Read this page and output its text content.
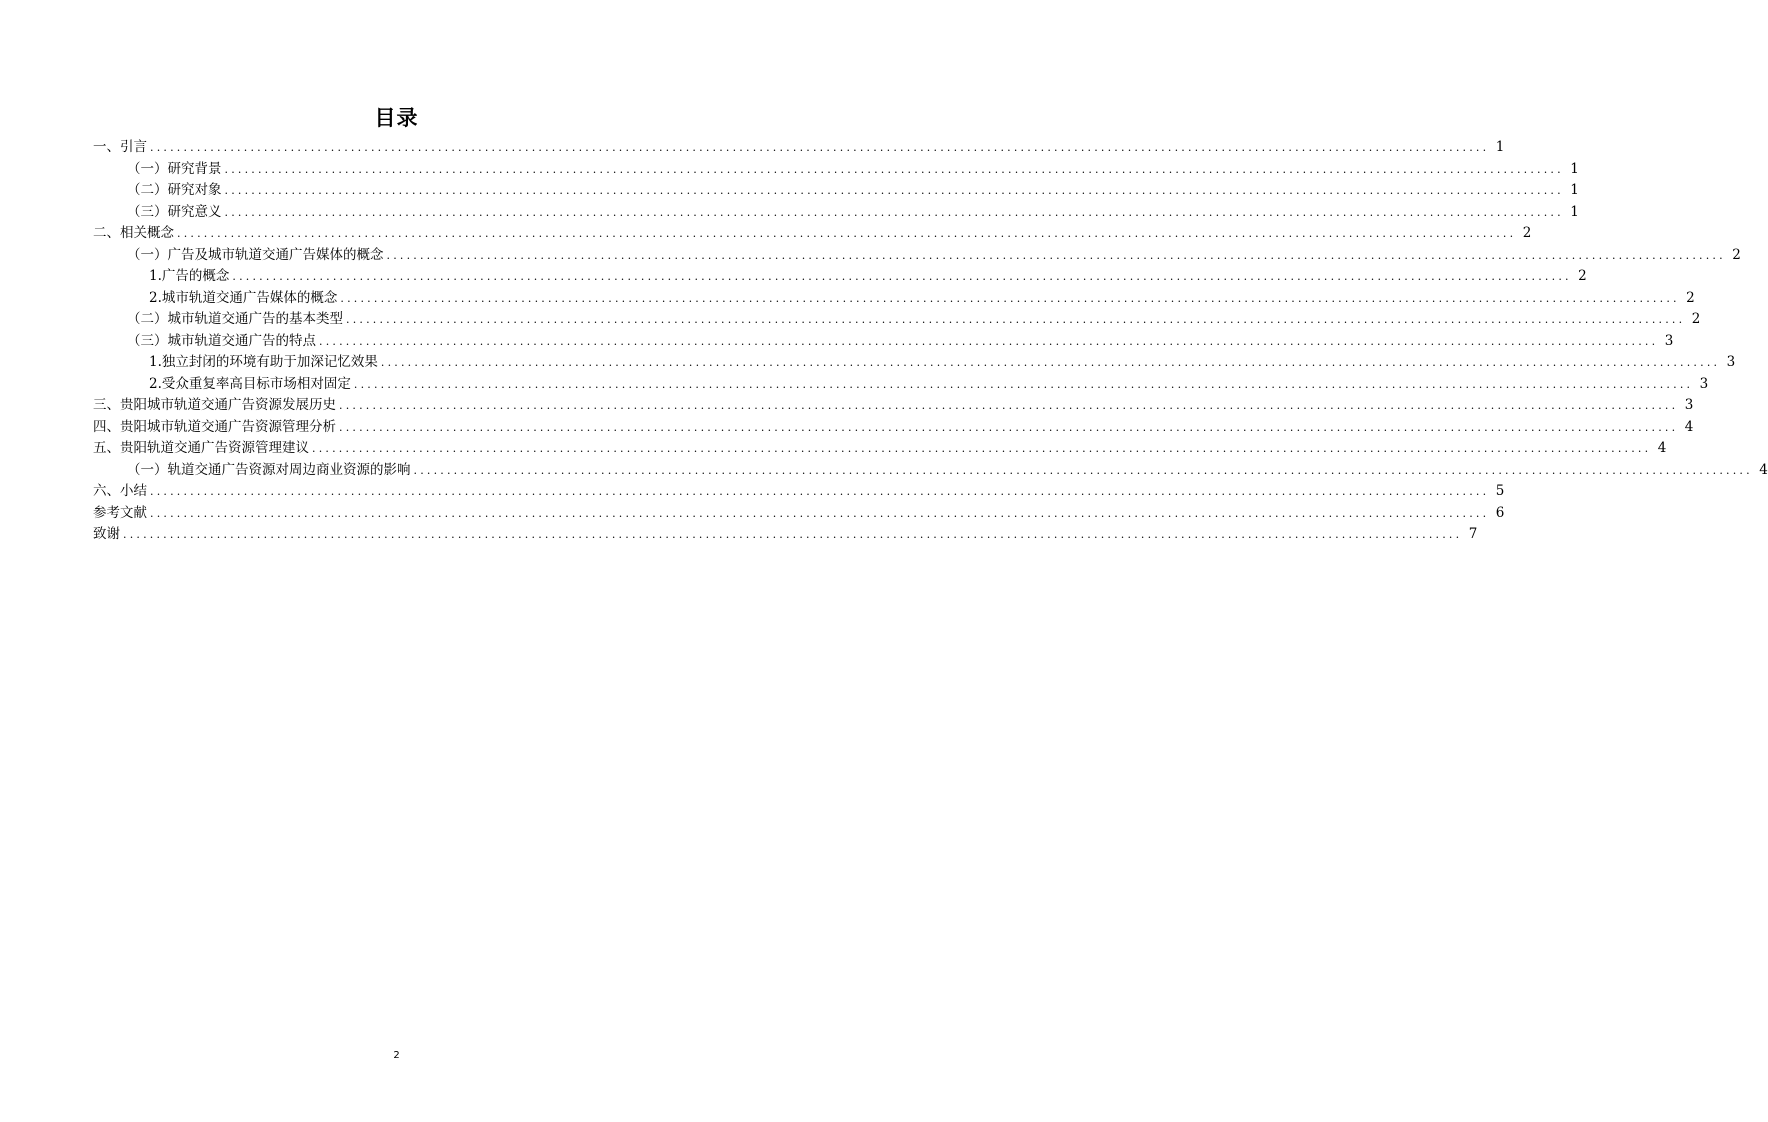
目录
一、引言 ........................................................................................................................................................................................................ 1
（一）研究背景 ........................................................................................................................................................................................................ 1
（二）研究对象 ........................................................................................................................................................................................................ 1
（三）研究意义 ........................................................................................................................................................................................................ 1
二、相关概念 ........................................................................................................................................................................................................ 2
（一）广告及城市轨道交通广告媒体的概念 ........................................................................................................................................................................................................ 2
1.广告的概念 ........................................................................................................................................................................................................ 2
2.城市轨道交通广告媒体的概念 ........................................................................................................................................................................................................ 2
（二）城市轨道交通广告的基本类型 ........................................................................................................................................................................................................ 2
（三）城市轨道交通广告的特点 ........................................................................................................................................................................................................ 3
1.独立封闭的环境有助于加深记忆效果 ........................................................................................................................................................................................................ 3
2.受众重复率高目标市场相对固定 ........................................................................................................................................................................................................ 3
三、贵阳城市轨道交通广告资源发展历史 ........................................................................................................................................................................................................ 3
四、贵阳城市轨道交通广告资源管理分析 ........................................................................................................................................................................................................ 4
五、贵阳轨道交通广告资源管理建议 ........................................................................................................................................................................................................ 4
（一）轨道交通广告资源对周边商业资源的影响 ........................................................................................................................................................................................................ 4
六、小结 ........................................................................................................................................................................................................ 5
参考文献 ........................................................................................................................................................................................................ 6
致谢 ........................................................................................................................................................................................................ 7
2
